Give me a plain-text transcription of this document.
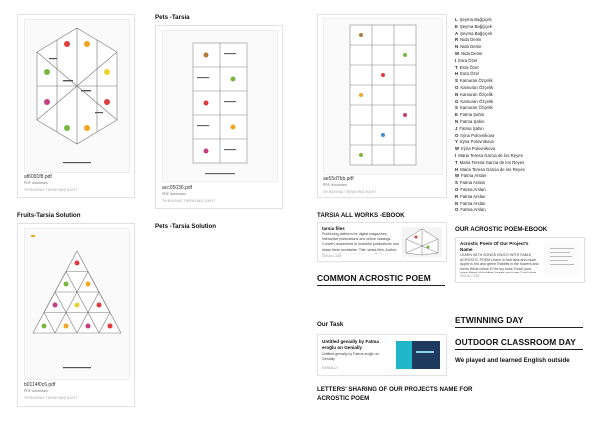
af6091f8.pdf
PDF dokümanı
TIKRAYINIZ TIKRAYINIZ KAYIT
Fruits-Tarsia Solution
b0114f0c6.pdf
PDF dokümanı
TIKRAYINIZ TIKRAYINIZ KAYIT
Pets -Tarsia
acc05036.pdf
PDF dokümanı
TIKRAYINIZ TIKRAYINIZ KAYIT
Pets -Tarsia Solution
ae55d7bb.pdf
PDF dokümanı
TIKRAYINIZ TIKRAYINIZ KAYIT
TARSIA ALL WORKS -EBOOK
tarsia files
Publishing platform for digital magazines, interactive publications and online catalogs. Convert documents to beautiful publications and share them worldwide. Title: tarsia files, Author:
ISSUU.COM
COMMON ACROSTIC POEM
Our Task
Untitled genially by Fatma eroğlu on Genially
Untitled genially by Fatma eroğlu on Genially
GENIALLY
LETTERS' SHARING OF OUR PROJECTS NAME FOR ACROSTIC POEM
L Şeyma Bağçiçek
E Şeyma Bağçiçek
A Şeyma Bağçiçek
R Nida Demir
N Nida Demir
W Nida Demir
I Esra Özel
T Esra Özel
H Esra Özel
S Kamuran Özçelik
O Kamuran Özçelik
N Kamuran Özçelik
G Kamuran Özçelik
S Kamuran Özçelik
E Fatma Şahin
N Fatma Şahin
J Fatma Şahin
O Irýna Polovnikova
Y Irýna Polovnikova
W Irýna Polovnikova
I Maria Teresa Garcia de los Reyes
T Maria Teresa Garcia de los Reyes
H Maria Teresa Garcia de los Reyes
W Fatma Arslan
S Fatma Arslan
O Fatma Arslan
R Fatma Arslan
N Fatma Arslan
O Fatma Arslan
OUR ACROSTIC POEM-EBOOK
Acrostic Poem Of Our Project's Name
LEARN WITH SONGS ENJOY WITH FABLE ACROSTIC POEM Leave in fruit fans and much Apple is red and green Rabbits in the flowers and mens What colors if f its my nose Touch your
ISSUU.COM
ETWINNING DAY
OUTDOOR CLASSROOM DAY
We played and learned English outside
